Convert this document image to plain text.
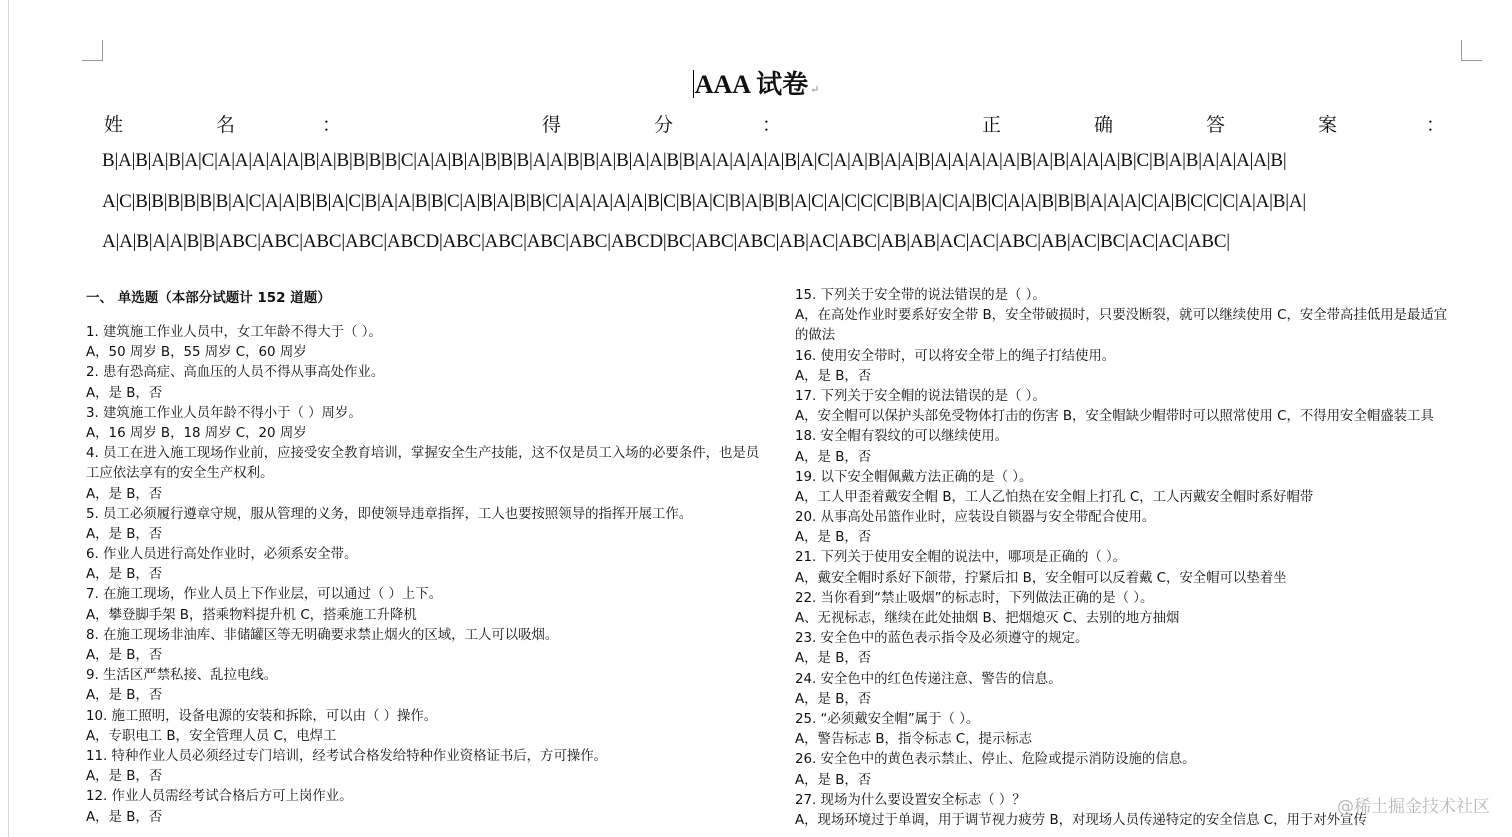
AAA 试卷 ↵
姓	名	：	得	分	：	正	确	答	案	：
B|A|B|A|B|A|C|A|A|A|A|A|B|A|B|B|B|B|C|A|A|B|A|B|B|B|A|A|B|B|A|B|A|A|B|B|A|A|A|A|A|B|A|C|A|A|B|A|A|B|A|A|A|A|A|B|A|B|A|A|A|B|C|B|A|B|A|A|A|A|B|
A|C|B|B|B|B|B|B|A|C|A|A|B|B|A|C|B|A|A|B|B|C|A|B|A|B|B|C|A|A|A|A|A|B|C|B|A|C|B|A|B|B|A|C|A|C|C|C|B|B|A|C|A|B|C|A|A|B|B|B|A|A|A|C|A|B|C|C|C|A|A|B|A|
A|A|B|A|A|B|B|ABC|ABC|ABC|ABC|ABCD|ABC|ABC|ABC|ABC|ABCD|BC|ABC|ABC|AB|AC|ABC|AB|AB|AC|AC|ABC|AB|AC|BC|AC|AC|ABC|
一、 单选题（本部分试题计 152 道题）
1. 建筑施工作业人员中，女工年龄不得大于（ ）。
A，50 周岁 B，55 周岁 C，60 周岁
2. 患有恐高症、高血压的人员不得从事高处作业。
A，是 B，否
3. 建筑施工作业人员年龄不得小于（ ）周岁。
A，16 周岁 B，18 周岁 C，20 周岁
4. 员工在进入施工现场作业前，应接受安全教育培训，掌握安全生产技能，这不仅是员工入场的必要条件，也是员
工应依法享有的安全生产权利。
A，是 B，否
5. 员工必须履行遵章守规，服从管理的义务，即使领导违章指挥，工人也要按照领导的指挥开展工作。
A，是 B，否
6. 作业人员进行高处作业时，必须系安全带。
A，是 B，否
7. 在施工现场，作业人员上下作业层，可以通过（ ）上下。
A，攀登脚手架 B，搭乘物料提升机 C，搭乘施工升降机
8. 在施工现场非油库、非储罐区等无明确要求禁止烟火的区域，工人可以吸烟。
A，是 B，否
9. 生活区严禁私接、乱拉电线。
A，是 B，否
10. 施工照明，设备电源的安装和拆除，可以由（ ）操作。
A，专职电工 B，安全管理人员 C，电焊工
11. 特种作业人员必须经过专门培训，经考试合格发给特种作业资格证书后，方可操作。
A，是 B，否
12. 作业人员需经考试合格后方可上岗作业。
A，是 B，否
15. 下列关于安全带的说法错误的是（ ）。
A，在高处作业时要系好安全带 B，安全带破损时，只要没断裂，就可以继续使用 C，安全带高挂低用是最适宜
的做法
16. 使用安全带时，可以将安全带上的绳子打结使用。
A，是 B，否
17. 下列关于安全帽的说法错误的是（ ）。
A，安全帽可以保护头部免受物体打击的伤害 B，安全帽缺少帽带时可以照常使用 C，不得用安全帽盛装工具
18. 安全帽有裂纹的可以继续使用。
A，是 B，否
19. 以下安全帽佩戴方法正确的是（ ）。
A，工人甲歪着戴安全帽 B，工人乙怕热在安全帽上打孔 C，工人丙戴安全帽时系好帽带
20. 从事高处吊篮作业时，应装设自锁器与安全带配合使用。
A，是 B，否
21. 下列关于使用安全帽的说法中，哪项是正确的（ ）。
A，戴安全帽时系好下颌带，拧紧后扣 B，安全帽可以反着戴 C，安全帽可以垫着坐
22. 当你看到“禁止吸烟”的标志时，下列做法正确的是（ ）。
A、无视标志，继续在此处抽烟 B、把烟熄灭 C、去别的地方抽烟
23. 安全色中的蓝色表示指令及必须遵守的规定。
A，是 B，否
24. 安全色中的红色传递注意、警告的信息。
A，是 B，否
25. “必须戴安全帽”属于（ ）。
A，警告标志 B，指令标志 C，提示标志
26. 安全色中的黄色表示禁止、停止、危险或提示消防设施的信息。
A，是 B，否
27. 现场为什么要设置安全标志（ ）？
A，现场环境过于单调，用于调节视力疲劳 B，对现场人员传递特定的安全信息 C，用于对外宣传
@稀土掘金技术社区
